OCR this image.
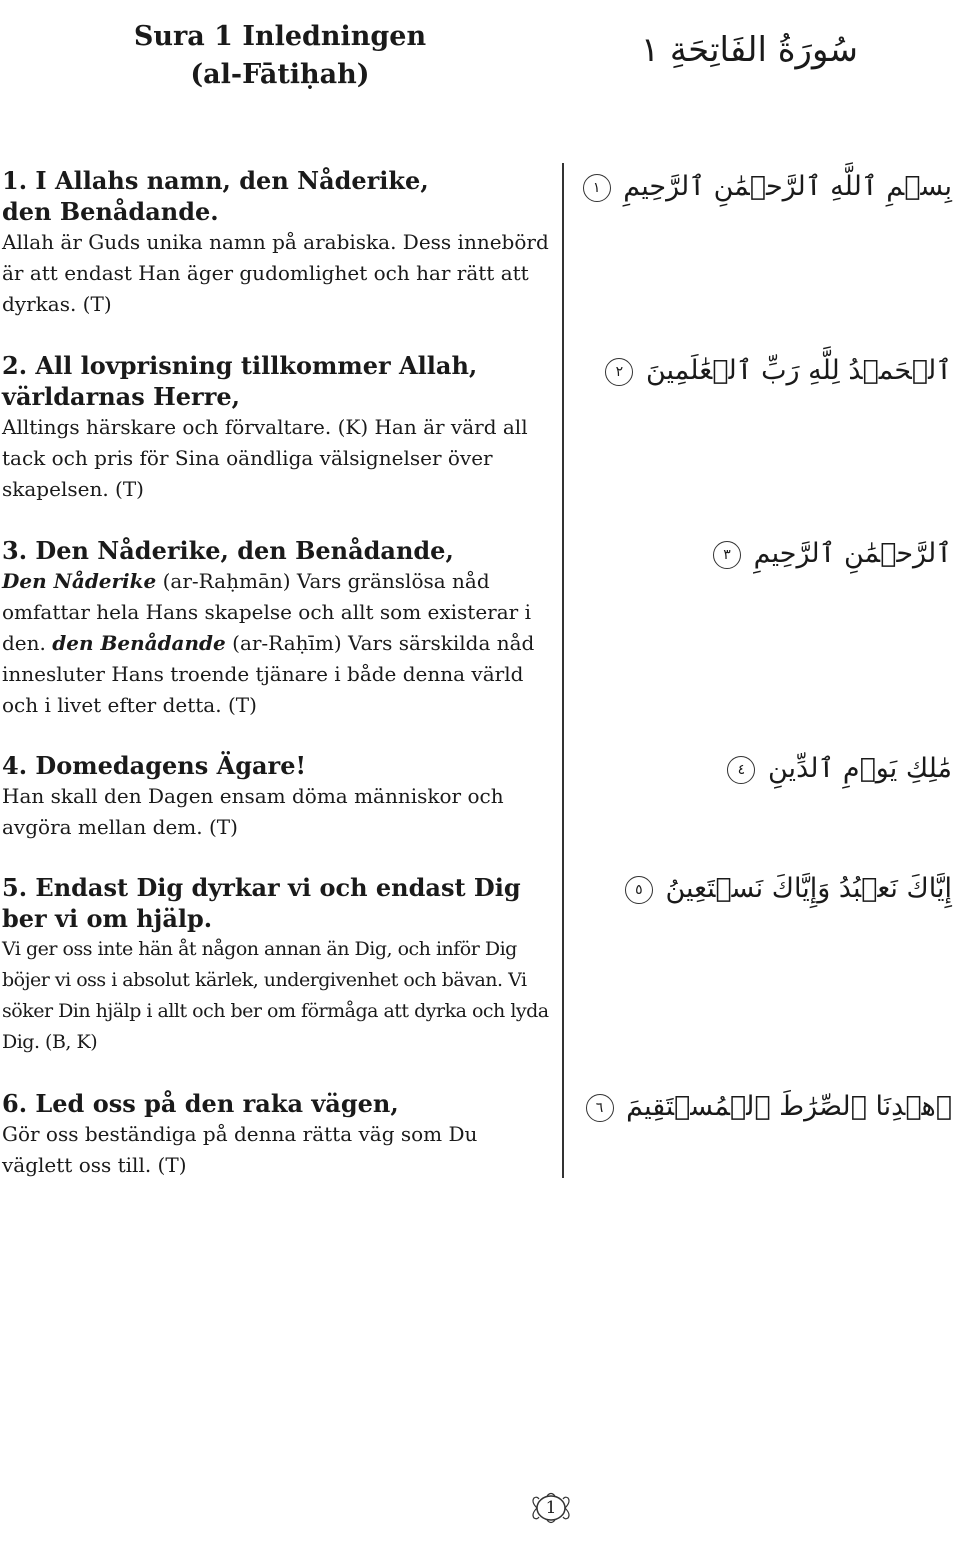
Sura 1 Inledningen
(al-Fātiḥah)
سُورَةُ الفَاتِحَةِ ١
1. I Allahs namn, den Nåderike,
den Benådande.
Allah är Guds unika namn på arabiska. Dess innebörd är att endast Han äger gudomlighet och har rätt att dyrkas. (T)
بِسۡمِ ٱللَّهِ ٱلرَّحۡمَٰنِ ٱلرَّحِيمِ ١
2. All lovprisning tillkommer Allah,
världarnas Herre,
Alltings härskare och förvaltare. (K) Han är värd all tack och pris för Sina oändliga välsignelser över skapelsen. (T)
ٱلۡحَمۡدُ لِلَّهِ رَبِّ ٱلۡعَٰلَمِينَ ٢
3. Den Nåderike, den Benådande,
Den Nåderike (ar-Raḥmān) Vars gränslösa nåd omfattar hela Hans skapelse och allt som existerar i den. den Benådande (ar-Raḥīm) Vars särskilda nåd innesluter Hans troende tjänare i både denna värld och i livet efter detta. (T)
ٱلرَّحۡمَٰنِ ٱلرَّحِيمِ ٣
4. Domedagens Ägare!
Han skall den Dagen ensam döma människor och avgöra mellan dem. (T)
مَٰلِكِ يَوۡمِ ٱلدِّينِ ٤
5. Endast Dig dyrkar vi och endast Dig
ber vi om hjälp.
Vi ger oss inte hän åt någon annan än Dig, och inför Dig böjer vi oss i absolut kärlek, undergivenhet och bävan. Vi söker Din hjälp i allt och ber om förmåga att dyrka och lyda Dig. (B, K)
إِيَّاكَ نَعۡبُدُ وَإِيَّاكَ نَسۡتَعِينُ ٥
6. Led oss på den raka vägen,
Gör oss beständiga på denna rätta väg som Du väglett oss till. (T)
ٱهۡدِنَا ٱلصِّرَٰطَ ٱلۡمُسۡتَقِيمَ ٦
1
